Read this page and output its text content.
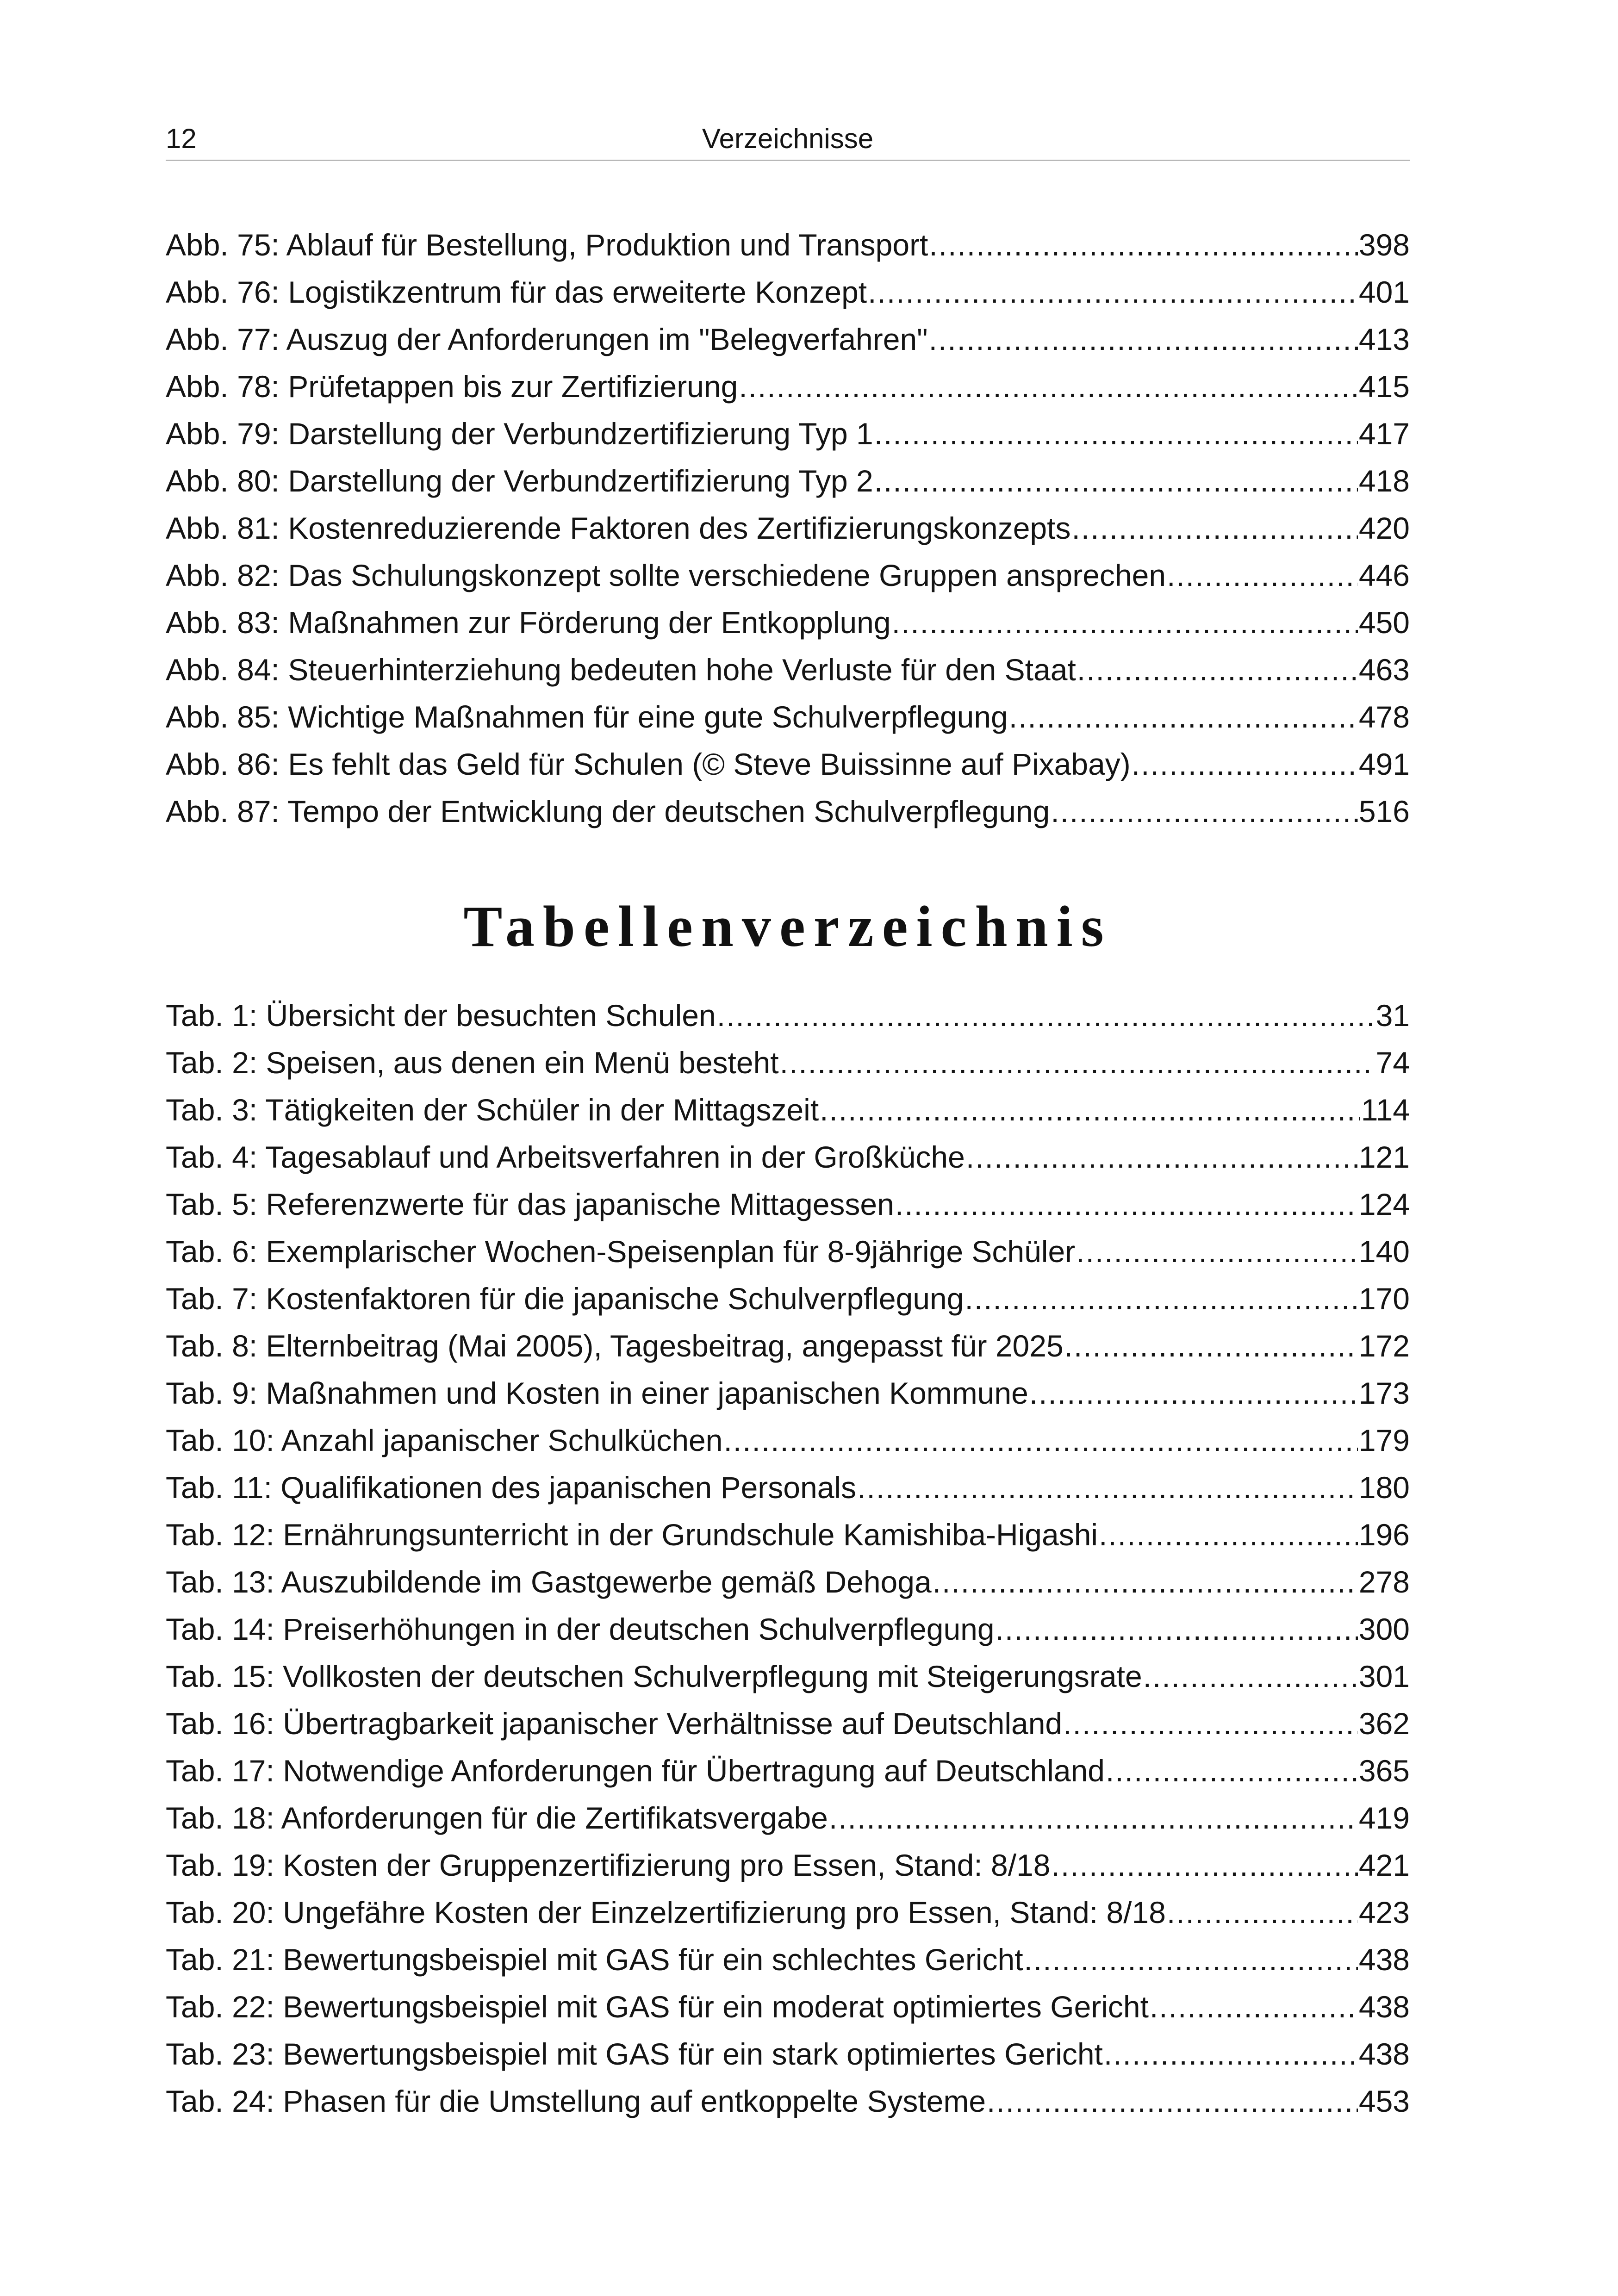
12	Verzeichnisse
Abb. 75: Ablauf für Bestellung, Produktion und Transport .....	398
Abb. 76: Logistikzentrum für das erweiterte Konzept .....	401
Abb. 77: Auszug der Anforderungen im "Belegverfahren" .....	413
Abb. 78: Prüfetappen bis zur Zertifizierung .....	415
Abb. 79: Darstellung der Verbundzertifizierung Typ 1 .....	417
Abb. 80: Darstellung der Verbundzertifizierung Typ 2 .....	418
Abb. 81: Kostenreduzierende Faktoren des Zertifizierungskonzepts .....	420
Abb. 82: Das Schulungskonzept sollte verschiedene Gruppen ansprechen .....	446
Abb. 83: Maßnahmen zur Förderung der Entkopplung .....	450
Abb. 84: Steuerhinterziehung bedeuten hohe Verluste für den Staat .....	463
Abb. 85: Wichtige Maßnahmen für eine gute Schulverpflegung .....	478
Abb. 86: Es fehlt das Geld für Schulen (© Steve Buissinne auf Pixabay) .....	491
Abb. 87: Tempo der Entwicklung der deutschen Schulverpflegung .....	516
Tabellenverzeichnis
Tab. 1: Übersicht der besuchten Schulen .....	31
Tab. 2: Speisen, aus denen ein Menü besteht .....	74
Tab. 3: Tätigkeiten der Schüler in der Mittagszeit .....	114
Tab. 4: Tagesablauf und Arbeitsverfahren in der Großküche .....	121
Tab. 5: Referenzwerte für das japanische Mittagessen .....	124
Tab. 6: Exemplarischer Wochen-Speisenplan für 8-9jährige Schüler .....	140
Tab. 7: Kostenfaktoren für die japanische Schulverpflegung .....	170
Tab. 8: Elternbeitrag (Mai 2005), Tagesbeitrag, angepasst für 2025 .....	172
Tab. 9: Maßnahmen und Kosten in einer japanischen Kommune .....	173
Tab. 10: Anzahl japanischer Schulküchen .....	179
Tab. 11: Qualifikationen des japanischen Personals .....	180
Tab. 12: Ernährungsunterricht in der Grundschule Kamishiba-Higashi .....	196
Tab. 13: Auszubildende im Gastgewerbe gemäß Dehoga .....	278
Tab. 14: Preiserhöhungen in der deutschen Schulverpflegung .....	300
Tab. 15: Vollkosten der deutschen Schulverpflegung mit Steigerungsrate .....	301
Tab. 16: Übertragbarkeit japanischer Verhältnisse auf Deutschland .....	362
Tab. 17: Notwendige Anforderungen für Übertragung auf Deutschland .....	365
Tab. 18: Anforderungen für die Zertifikatsvergabe .....	419
Tab. 19: Kosten der Gruppenzertifizierung pro Essen, Stand: 8/18 .....	421
Tab. 20: Ungefähre Kosten der Einzelzertifizierung pro Essen, Stand: 8/18 .....	423
Tab. 21: Bewertungsbeispiel mit GAS für ein schlechtes Gericht .....	438
Tab. 22: Bewertungsbeispiel mit GAS für ein moderat optimiertes Gericht .....	438
Tab. 23: Bewertungsbeispiel mit GAS für ein stark optimiertes Gericht .....	438
Tab. 24: Phasen für die Umstellung auf entkoppelte Systeme .....	453
